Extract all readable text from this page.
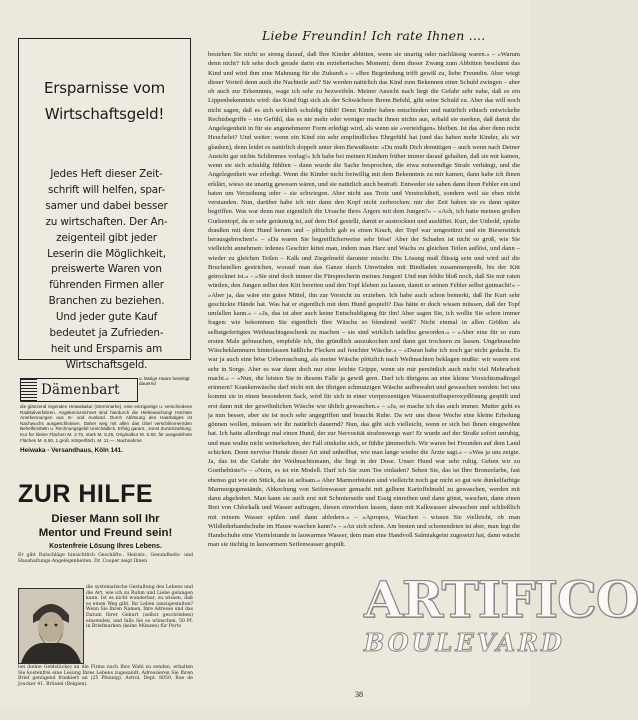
Ersparnisse vom
Wirtschaftsgeld!
Jedes Heft dieser Zeit-
schrift will helfen, spar-
samer und dabei besser
zu wirtschaften. Der An-
zeigenteil gibt jeder
Leserin die Möglichkeit,
preiswerte Waren von
führenden Firmen aller
Branchen zu beziehen.
Und jeder gute Kauf
bedeutet ja Zufrieden-
heit und Ersparnis am
Wirtschaftsgeld.
Dämenbart
u. lästige Haare beseitigt dauernd
die glänzend regenden Heiwakakur (Sternmarke), eine einzigartige u. verschiedene Radikalverfahren. Angekennzeichnet sind hierdurch die Hiebewachung! Höchste Anerkennungen aus In- und Ausland. Durch Ablösung des Haarbalges ist Nachwuchs ausgeschlossen. Daher weg mit allen das Übel verschlimmernden Behelfsmitteln u. Rechnungsgeld! Unschädlich, Erfolg garant., sonst Zurückzahlung. Kur für kleine Flächen M. 2.75, stark M. 5.25, Originalkur M. 5.50, für ausgedehnte Flächen M. 6.50, 1 groß. Körperfläch. M. 11.—. Nachnahme
Heiwaka - Versandhaus, Köln 141.
ZUR HILFE
Dieser Mann soll Ihr
Mentor und Freund sein!
Kostenfreie Lösung Ihres Lebens.
Er gibt Ratschläge hinsichtlich Geschäfts-, Heirats-, Gesundheits- und Haushaltungs-Angelegenheiten. Dr. Cooper zeigt Ihnen
die systematische Gestaltung des Lebens und die Art, wie ich zu Ruhm und Liebe gelangen kann. Ist es nicht wunderbar, zu wissen, daß es einen Weg gibt, Ihr Leben umzugestalten? Wenn Sie Ihren Namen, Ihre Adresse und das Datum Ihrer Geburt (selbst geschrieben) einsenden, und falls Sie es wünschen, 50 Pf. in Briefmarken (keine Münzen) für Porto
bei (keine Geldstücke) an die Firma nach Ihre Wahl zu senden, erhalten Sie kostenfrei eine Lesung Ihres Lebens zugesandt. Adressieren Sie Ihren Brief genügend frankiert an (25 Pfennig). Astrol. Dept. 8050, Rue de Joucker 41, Brüssel (Belgien).
Liebe Freundin! Ich rate Ihnen ....
bestehen Sie nicht so streng darauf, daß Ihre Kinder abbitten, wenn sie unartig oder nachlässig waren.« – »Warum denn nicht? Ich sehe doch gerade darin ein erzieherisches Moment; denn dieser Zwang zum Abbitten beschämt das Kind und wird ihm eine Mahnung für die Zukunft.« – »Ihre Begründung trifft gewiß zu, liebe Freundin. Aber wiegt dieser Vorteil denn auch die Nachteile auf? Sie werden natürlich das Kind zum Bekennen einer Schuld zwingen – aber ob auch zur Erkenntnis, wage ich sehr zu bezweifeln. Meiner Ansicht nach liegt die Gefahr sehr nahe, daß es ein Lippenbekenntnis wird: das Kind fügt sich als der Schwächere Ihrem Befehl, gibt seine Schuld zu. Aber das will noch nicht sagen, daß es sich wirklich schuldig fühlt! Denn Kinder haben entschieden und natürlich ethisch entwickelte Rechtsbegriffe – ein Gefühl, das es nie mehr oder weniger macht ihnen nichts aus, sobald sie merken, daß damit die Angelegenheit in für sie angenehmerer Form erledigt wird, als wenn sie »verteidigen« bleiben. Ist das aber denn nicht Heuchelei? Und weiter: wenn ein Kind ein sehr empfindliches Ehrgefühl hat (und das haben mehr Kinder, als wir glauben), denn leidet es natürlich doppelt unter dem Bewußtsein: »Du mußt Dich demütigen – auch wenn nach Deiner Ansicht gar nichts Schlimmes vorlag!« Ich habe bei meinen Kindern früher immer darauf gehalten, daß sie mir kamen, wenn sie sich schuldig fühlten – dann wurde die Sache besprochen, die etwa notwendige Strafe verhängt, und die Angelegenheit war erledigt. Wenn die Kinder nicht freiwillig mit dem Bekenntnis zu mir kamen, dann habe ich ihnen erklärt, wieso sie unartig gewesen wären, und sie natürlich auch bestraft. Entweder sie sahen dann ihren Fehler ein und baten um Verzeihung oder – sie schwiegen. Aber nicht aus Trotz und Verstocktheit, sondern weil sie eben nicht verstanden. Nun, darüber habe ich mir dann den Kopf nicht zerbrochen: mir der Zeit haben sie es dann später begriffen. Was war denn nun eigentlich die Ursache Ihres Ärgers mit dem Jungen?« – »Ach, ich hatte meinen großen Gurkentopf, da er sehr geräumig ist, auf dem Hof gestellt, damit er austrocknet und auslüftet. Kurt, der Unhold, spielte draußen mit dem Hund herum und – plötzlich gab es einen Krach, der Topf war umgestürzt und ein Riesenstück herausgebrochen!« – »Da waren Sie begreiflicherweise sehr böse! Aber der Schaden ist nicht so groß, wie Sie vielleicht annehmen: irdenes Geschirr kittet man, indem man Harz und Wachs zu gleichen Teilen auflöst, und dann – wieder zu gleichen Teilen – Kalk und Ziegelmehl darunter mischt. Die Lösung muß flüssig sein und wird auf die Bruchstellen gestrichen, worauf man das Ganze durch Umwinden mit Bindfaden zusammenpreßt, bis der Kitt getrocknet ist.« – »Sie sind doch immer die Fürsprecherin meines Jungen! Und nun fehlte bloß noch, daß Sie mir raten würden, den Jungen selbst den Kitt bereiten und den Topf kleben zu lassen, damit er seinen Fehler selbst gutmacht!« – »Aber ja, das wäre ein gutes Mittel, ihn zur Vorsicht zu erziehen. Ich habe auch schon bemerkt, daß Ihr Kurt sehr geschickte Hände hat. Was hat er eigentlich mit dem Hund gespielt? Das hätte er doch wissen müssen, daß der Topf umfallen kann.« – »Ja, das ist aber auch keine Entschuldigung für ihn! Aber sagen Sie, ich wollte Sie schon immer fragen: wie bekommen Sie eigentlich Ihre Wäsche so blendend weiß? Nicht einmal in allen Größen als selbstgefertigtes Weihnachtsgeschenk zu machen – sie sind wirklich tadellos geworden.« – »Aber eine für so zum ersten Male gebrauchen, empfehle ich, ihn gründlich auszukochen und dann gut trocknen zu lassen. Ungebrauchte Wäscheklammern hinterlassen häßliche Flecken auf feuchter Wäsche.« – »Daran habe ich noch gar nicht gedacht. Es war ja auch eine böse Ueberraschung, als meine Wäsche plötzlich nach Weihnachten beklagen mußte: wir waren erst sehr in Sorge. Aber es war dann doch nur eine leichte Grippe, wenn sie mir persönlich auch nicht viel Mehrarbeit macht.« – »Nun, die leisten Sie in diesem Falle ja gewiß gern. Darf ich übrigens an eine kleine Vorsichtsmaßregel erinnern? Krankenwäsche darf nicht mit der übrigen schmutzigen Wäsche aufbewahrt und gewaschen werden: bei uns kommt sie in einen besonderen Sack, wird für sich in einer vierprozentigen Wasserstoffsuperoxydlösung gespült und erst dann mit der gewöhnlichen Wäsche wie üblich gewaschen.« – »Ja, so mache ich das auch immer. Mutter geht es ja nun besser, aber sie ist noch sehr angegriffen und braucht Ruhe. Da wir uns diese Woche eine kleine Erholung gönnen wollen, müssen wir ihr natürlich dauernd? Nun, das gibt sich vielleicht, wenn er sich bei Ihnen eingewöhnt hat. Ich hatte allerdings mal einen Hund, der zur Nervosität strafenswegs war! Er wurde auf der Straße sofort unruhig, und man wußte nicht weiterkehren, der Fall stinkelte sich, er fühlte jämmerlich. Wir waren bei Freunden auf dem Land schicken. Denn nervöse Hunde dieser Art sind unheilbar, wie man lange wieder die Ärzte sagt.« – »Was ja uns zeigte. Ja, das ist die Gefahr der Weihnachtsmann, die liegt in der Dose. Unser Hund war sehr ruhig. Gehen wir zu Goethebüste?« – »Nein, es ist ein Modell. Darf ich Sie zum Tee einladen? Sehen Sie, das ist Ihre Bronzefarbe, fast ebenso gut wie ein Stück, das ist seltsam.« Aber Marmorbüsten sind vielleicht noch gar nicht so gut wie dunkelfarbige Marmorgegenstände, Abkochung von Seifenwasser gemacht mit gelbem Kartoffelmehl zu gewaschen, werden mit dann abgeledert. Man kann sie auch erst mit Schmierseife und Essig einreiben und dann gönst, waschen, dann einen Brei von Chlorkalk und Wasser auftragen, diesen einwirken lassen, dann mit Kalkwasser abwaschen und schließlich mit reinem Wasser spülen und dann abledern.« – »Apropos, Waschen – wissen Sie vielleicht, ob man Wildlederhandschuhe im Hause waschen kann?« – »An sich schon. Am besten und schonendsten ist aber, man legt die Handschuhe eine Viertelstunde in lauwarmes Wasser, dem man eine Handvoll Salmiakgeist zugesetzt hat, dann wäscht man sie tüchtig in lauwarmem Seifenwasser gespült.
38
ARTIFICO
BOULEVARD
